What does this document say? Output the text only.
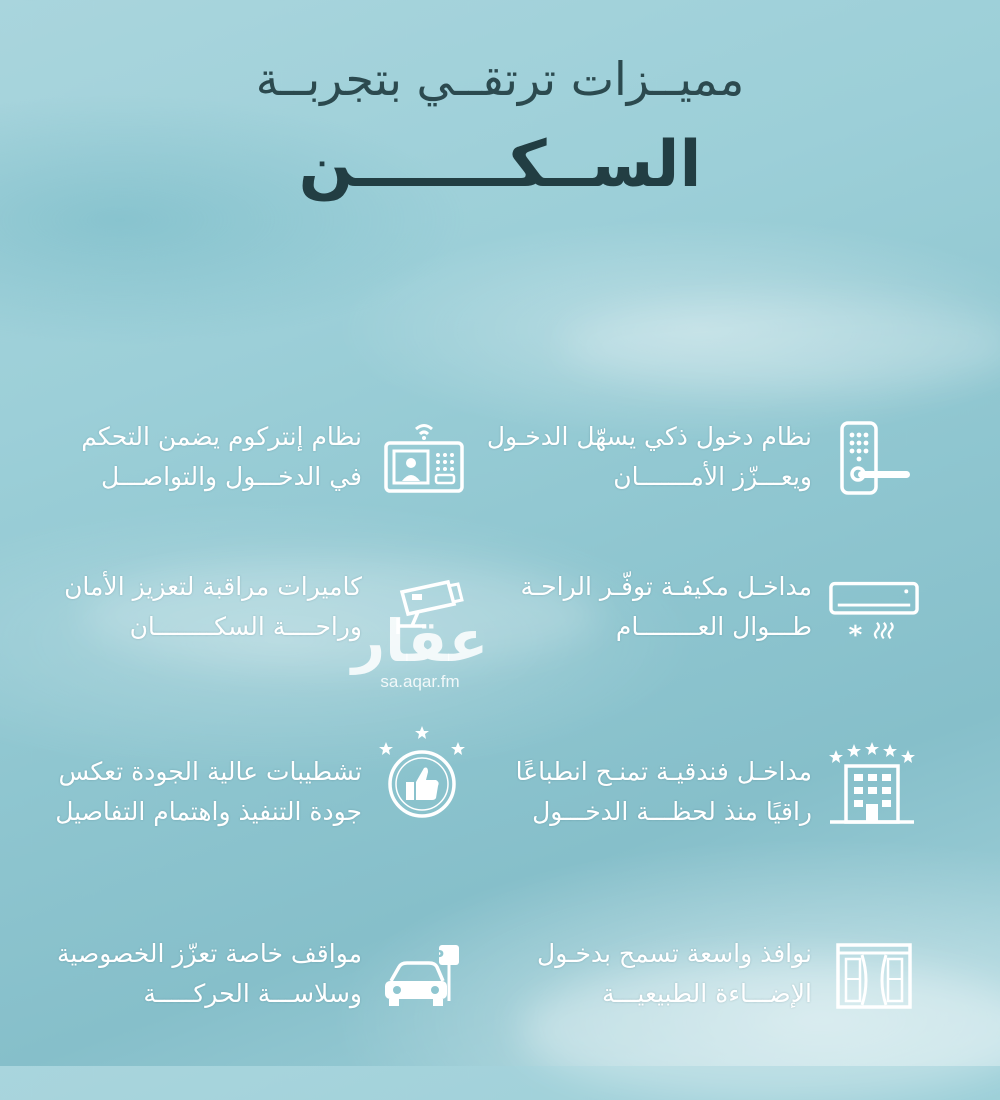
مميــزات ترتقــي بتجربــة
الســكـــــــن
نظام دخول ذكي يسهّل الدخـول
ويعـــزّز الأمـــــــان
نظام إنتركوم يضمن التحكم
في الدخـــول والتواصـــل
مداخـل مكيفـة توفّـر الراحـة
طـــوال العــــــــام
كاميرات مراقبة لتعزيز الأمان
وراحــــة السكــــــــان
عقار
sa.aqar.fm
مداخـل فندقيـة تمنـح انطباعًا
راقيًا منذ لحظـــة الدخـــول
تشطيبات عالية الجودة تعكس
جودة التنفيذ واهتمام التفاصيل
نوافذ واسعة تسمح بدخـول
الإضـــاءة الطبيعيـــة
P
مواقف خاصة تعزّز الخصوصية
وسلاســـة الحركـــــة
